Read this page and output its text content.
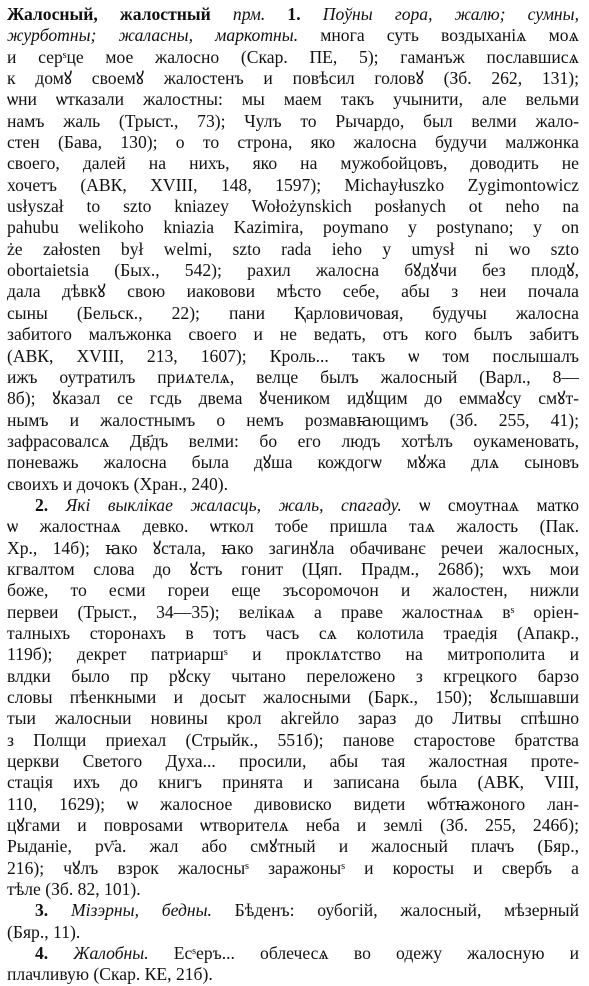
Жалосный, жалостный прм. 1. Поўны гора, жалю; сумны,
журботны; жаласны, маркотны. многа суть воздыханiѧ моѧ
и серˢце мое жалосно (Скар. ПЕ, 5); гаманъж пославшисѧ
к домꙋ своемꙋ жалостенъ и повѣсил головꙋ (Зб. 262, 131);
ѡни ѡтказали жалостны: мы маем такъ учынити, але вельми
намъ жаль (Трыст., 73); Чулъ то Рычардо, был велми жало-
стен (Бава, 130); о то строна, яко жалосна будучи малжонка
своего, далей на нихъ, яко на мужобойцовъ, доводить не
хочетъ (АВК, XVIII, 148, 1597); Michayłuszko Zygimontowicz
usłyszał to szto kniazey Wołożynskich posłanych ot neho na
pahubu welikoho kniazia Kazimira, poymano y postynano; y on
że załosten był welmi, szto rada ieho y umysł ni wo szto
obortaietsia (Бых., 542); рахил жалосна бꙋдꙋчи без плодꙋ,
дала дѣвкꙋ свою иаковови мѣсто себе, абы з неи почала
сыны (Бельск., 22); пани Қарловичовая, будучы жалосна
забитого малъжонка своего и не ведать, отъ кого былъ забитъ
(АВК, XVIII, 213, 1607); Кроль... такъ ѡ том послышалъ
ижъ оутратилъ приѧтелѧ, велце былъ жалосный (Варл., 8—
8б); ꙋказал се гсдь двема ꙋчеником идꙋщим до еммаꙋсу смꙋт-
нымъ и жалостнымъ о немъ розмавꙗющимъ (Зб. 255, 41);
зафрасовалсѧ Дв҃дъ велми: бо его людъ хотѣлъ оукаменовать,
поневажь жалосна была дꙋша кождогѡ мꙋжа длѧ сыновъ
своихъ и дочокъ (Хран., 240).
2. Які выклікае жаласць, жаль, спагаду. ѡ смоутнаѧ матко
ѡ жалостнаѧ девко. ѡткол тобе пришла таѧ жалость (Пак.
Хр., 14б); ꙗко ꙋстала, ꙗко загинꙋла обачиванє речеи жалосных,
кгвалтом слова до ꙋстъ гонит (Цяп. Прадм., 268б); ѡхъ мои
боже, то есми гореи еще зъсоромочон и жалостен, нижли
первеи (Трыст., 34—35); велiкаѧ а праве жалостнаѧ вˢ оріен-
талныхъ сторонахъ в тотъ часъ сѧ колотила траедія (Апакр.,
119б); декрет патриаршˢ и проклѧтство на митрополита и
влдки было пр рꙋску чытано переложено з кгрецкого барзо
словы пѣенкными и досыт жалосными (Барк., 150); ꙋслышавши
тыи жалосныи новины крол akгейло зараз до Литвы спѣшно
з Полщи приехал (Стрыйк., 551б); панове старостове братства
церкви Светого Духа... просили, абы тая жалостная протe-
стація ихъ до книгъ принята и записана была (АВК, VIII,
110, 1629); ѡ жалосное дивовиско видети ѡбтꙗжоного лан-
цꙋгами и повроѕами ѡтворителѧ неба и землi (Зб. 255, 246б);
Рыданіе, рѵ҃а. жал або смꙋтный и жалосный плачъ (Бяр.,
216); чꙋлъ взрок жалосныˢ заражоныˢ и короcты и свербъ а
тѣле (Зб. 82, 101).
3. Мізэрны, бедны. Бѣденъ: оубогій, жалосный, мѣзерный
(Бяр., 11).
4. Жалобны. Есˢеръ... облечесѧ во одежу жалосную и
плачливую (Скар. КЕ, 21б).
